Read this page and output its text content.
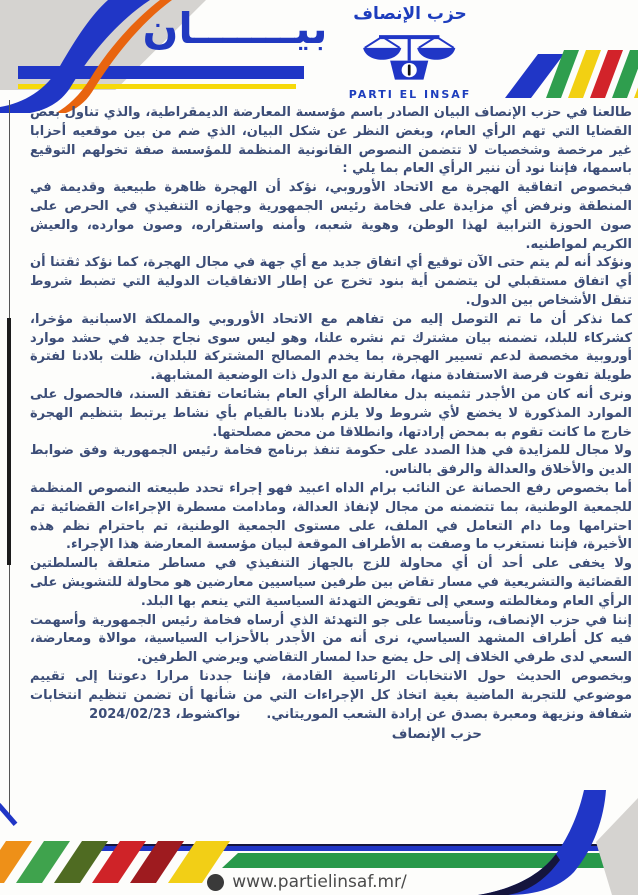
بيـــــــان	حزب الإنصاف
PARTI EL INSAF

طالعنا في حزب الإنصاف البيان الصادر باسم مؤسسة المعارضة الديمقراطية، والذي تناول بعض القضايا التي تهم الرأي العام، وبغض النظر عن شكل البيان، الذي ضم من بين موقعيه أحزابا غير مرخصة وشخصيات لا تتضمن النصوص القانونية المنظمة للمؤسسة صفة تخولهم التوقيع باسمها، فإننا نود أن ننير الرأي العام بما يلي :

فبخصوص اتفاقية الهجرة مع الاتحاد الأوروبي، نؤكد أن الهجرة ظاهرة طبيعية وقديمة في المنطقة ونرفض أي مزايدة على فخامة رئيس الجمهورية وجهازه التنفيذي في الحرص على صون الحوزة الترابية لهذا الوطن، وهوية شعبه، وأمنه واستقراره، وصون موارده، والعيش الكريم لمواطنيه.

ونؤكد أنه لم يتم حتى الآن توقيع أي اتفاق جديد مع أي جهة في مجال الهجرة، كما نؤكد ثقتنا أن أي اتفاق مستقبلي لن يتضمن أية بنود تخرج عن إطار الاتفاقيات الدولية التي تضبط شروط تنقل الأشخاص بين الدول.

كما نذكر أن ما تم التوصل إليه من تفاهم مع الاتحاد الأوروبي والمملكة الاسبانية مؤخرا، كشركاء للبلد، تضمنه بيان مشترك تم نشره علنا، وهو ليس سوى نجاح جديد في حشد موارد أوروبية مخصصة لدعم تسيير الهجرة، بما يخدم المصالح المشتركة للبلدان، ظلت بلادنا لفترة طويلة تفوت فرصة الاستفادة منها، مقارنة مع الدول ذات الوضعية المشابهة.

ونرى أنه كان من الأجدر تثمينه بدل مغالطة الرأي العام بشائعات تفتقد السند، فالحصول على الموارد المذكورة لا يخضع لأي شروط ولا يلزم بلادنا بالقيام بأي نشاط يرتبط بتنظيم الهجرة خارج ما كانت تقوم به بمحض إرادتها، وانطلاقا من محض مصلحتها.

ولا مجال للمزايدة في هذا الصدد على حكومة تنفذ برنامج فخامة رئيس الجمهورية وفق ضوابط الدين والأخلاق والعدالة والرفق بالناس.

أما بخصوص رفع الحصانة عن النائب برام الداه اعبيد فهو إجراء تحدد طبيعته النصوص المنظمة للجمعية الوطنية، بما تتضمنه من مجال لإنفاذ العدالة، ومادامت مسطرة الإجراءات القضائية تم احترامها وما دام التعامل في الملف، على مستوى الجمعية الوطنية، تم باحترام نظم هذه الأخيرة، فإننا نستغرب ما وصفت به الأطراف الموقعة لبيان مؤسسة المعارضة هذا الإجراء.

ولا يخفى على أحد أن أي محاولة للزج بالجهاز التنفيذي في مساطر متعلقة بالسلطتين القضائية والتشريعية في مسار تقاض بين طرفين سياسيين معارضين هو محاولة للتشويش على الرأي العام ومغالطته وسعي إلى تقويض التهدئة السياسية التي ينعم بها البلد.

إننا في حزب الإنصاف، وتأسيسا على جو التهدئة الذي أرساه فخامة رئيس الجمهورية وأسهمت فيه كل أطراف المشهد السياسي، نرى أنه من الأجدر بالأحزاب السياسية، موالاة ومعارضة، السعي لدى طرفي الخلاف إلى حل يضع حدا لمسار التقاضي ويرضي الطرفين.

وبخصوص الحديث حول الانتخابات الرئاسية القادمة، فإننا جددنا مرارا دعوتنا إلى تقييم موضوعي للتجربة الماضية بغية اتخاذ كل الإجراءات التي من شأنها أن تضمن تنظيم انتخابات شفافة ونزيهة ومعبرة بصدق عن إرادة الشعب الموريتاني.نواكشوط، 2024/02/23

حزب الإنصاف
www.partielinsaf.mr/
